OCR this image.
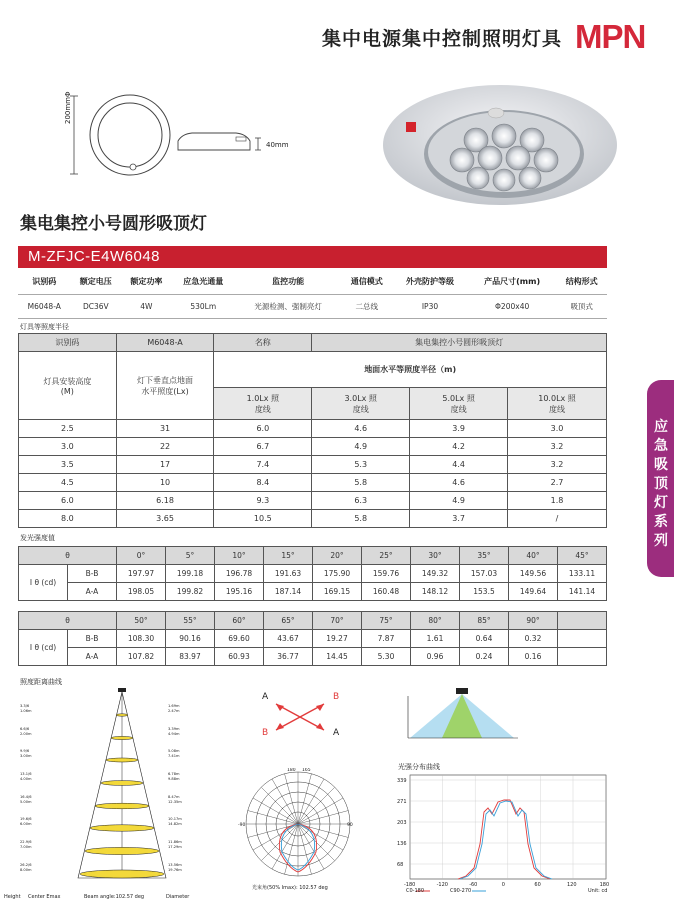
集中电源集中控制照明灯具 MPN
200mmΦ
40mm
集电集控小号圆形吸顶灯
M-ZFJC-E4W6048
识别码	额定电压	额定功率	应急光通量	监控功能	通信模式	外壳防护等级	产品尺寸(mm)	结构形式
M6048-A	DC36V	4W	530Lm	光源检测、强制亮灯	二总线	IP30	Φ200x40	吸顶式
灯具等照度半径
识别码	M6048-A	名称	集电集控小号圆形吸顶灯		
灯具安装高度(M)	灯下垂直点地面水平照度(Lx)	地面水平等照度半径（m)			
		1.0Lx 照度线	3.0Lx 照度线	5.0Lx 照度线	10.0Lx 照度线
2.5	31	6.0	4.6	3.9	3.0
3.0	22	6.7	4.9	4.2	3.2
3.5	17	7.4	5.3	4.4	3.2
4.5	10	8.4	5.8	4.6	2.7
6.0	6.18	9.3	6.3	4.9	1.8
8.0	3.65	10.5	5.8	3.7	/
发光强度值
θ		0°	5°	10°	15°	20°	25°	30°	35°	40°	45°
I θ (cd)	B-B	197.97	199.18	196.78	191.63	175.90	159.76	149.32	157.03	149.56	133.11
	A-A	198.05	199.82	195.16	187.14	169.15	160.48	148.12	153.5	149.64	141.14
θ		50°	55°	60°	65°	70°	75°	80°	85°	90°	
I θ (cd)	B-B	108.30	90.16	69.60	43.67	19.27	7.87	1.61	0.64	0.32	
	A-A	107.82	83.97	60.93	36.77	14.45	5.30	0.96	0.24	0.16	
应急吸顶灯系列
照度距离曲线
3.3/6
1.06m
6.6/6
2.00m
9.9/6
3.00m
13.1/6
4.00m
16.4/6
5.00m
19.6/6
6.00m
22.9/6
7.00m
26.2/6
8.00m
1.69m
2.47m
3.39m
4.94m
5.08m
7.41m
6.78m
9.88m
8.47m
12.35m
10.17m
14.82m
11.86m
17.29m
13.56m
19.76m
Height Center Emax	Beam angle:102.57 deg	Diameter
A	B
B	A
180 165
-90	90
光束角(50% Imax): 102.57 deg
光强分布曲线
339
271
203
136
68
-180	-120	-60	0	60	120	180
C0-180	C90-270	Unit: cd
